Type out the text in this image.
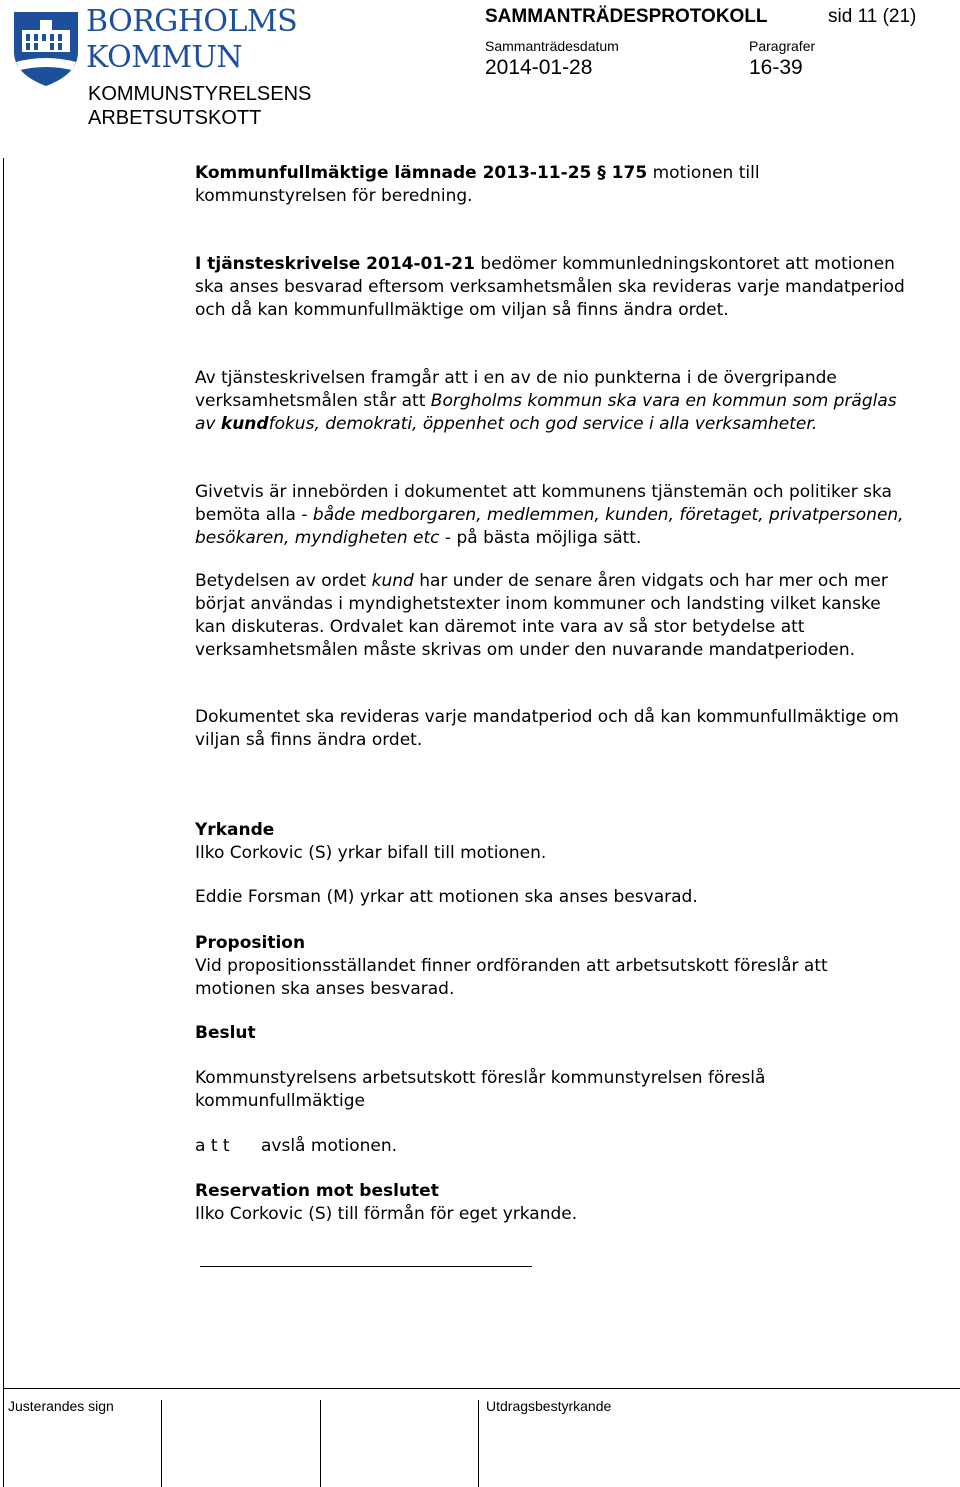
BORGHOLMS
KOMMUN
KOMMUNSTYRELSENS
ARBETSUTSKOTT
SAMMANTRÄDESPROTOKOLL	sid 11 (21)
Sammanträdesdatum
2014-01-28
Paragrafer
16-39
Justerandes sign	Utdragsbestyrkande
Kommunfullmäktige lämnade 2013-11-25 § 175 motionen till kommunstyrelsen för beredning.
I tjänsteskrivelse 2014-01-21 bedömer kommunledningskontoret att motionen ska anses besvarad eftersom verksamhetsmålen ska revideras varje mandatperiod och då kan kommunfullmäktige om viljan så finns ändra ordet.
Av tjänsteskrivelsen framgår att i en av de nio punkterna i de övergripande verksamhetsmålen står att Borgholms kommun ska vara en kommun som präglas av kundfokus, demokrati, öppenhet och god service i alla verksamheter.
Givetvis är innebörden i dokumentet att kommunens tjänstemän och politiker ska bemöta alla - både medborgaren, medlemmen, kunden, företaget, privatpersonen, besökaren, myndigheten etc - på bästa möjliga sätt.
Betydelsen av ordet kund har under de senare åren vidgats och har mer och mer börjat användas i myndighetstexter inom kommuner och landsting vilket kanske kan diskuteras. Ordvalet kan däremot inte vara av så stor betydelse att verksamhetsmålen måste skrivas om under den nuvarande mandatperioden.
Dokumentet ska revideras varje mandatperiod och då kan kommunfullmäktige om viljan så finns ändra ordet.
Yrkande
Ilko Corkovic (S) yrkar bifall till motionen.
Eddie Forsman (M) yrkar att motionen ska anses besvarad.
Proposition
Vid propositionsställandet finner ordföranden att arbetsutskott föreslår att motionen ska anses besvarad.
Beslut
Kommunstyrelsens arbetsutskott föreslår kommunstyrelsen föreslå kommunfullmäktige
a t t avslå motionen.
Reservation mot beslutet
Ilko Corkovic (S) till förmån för eget yrkande.
